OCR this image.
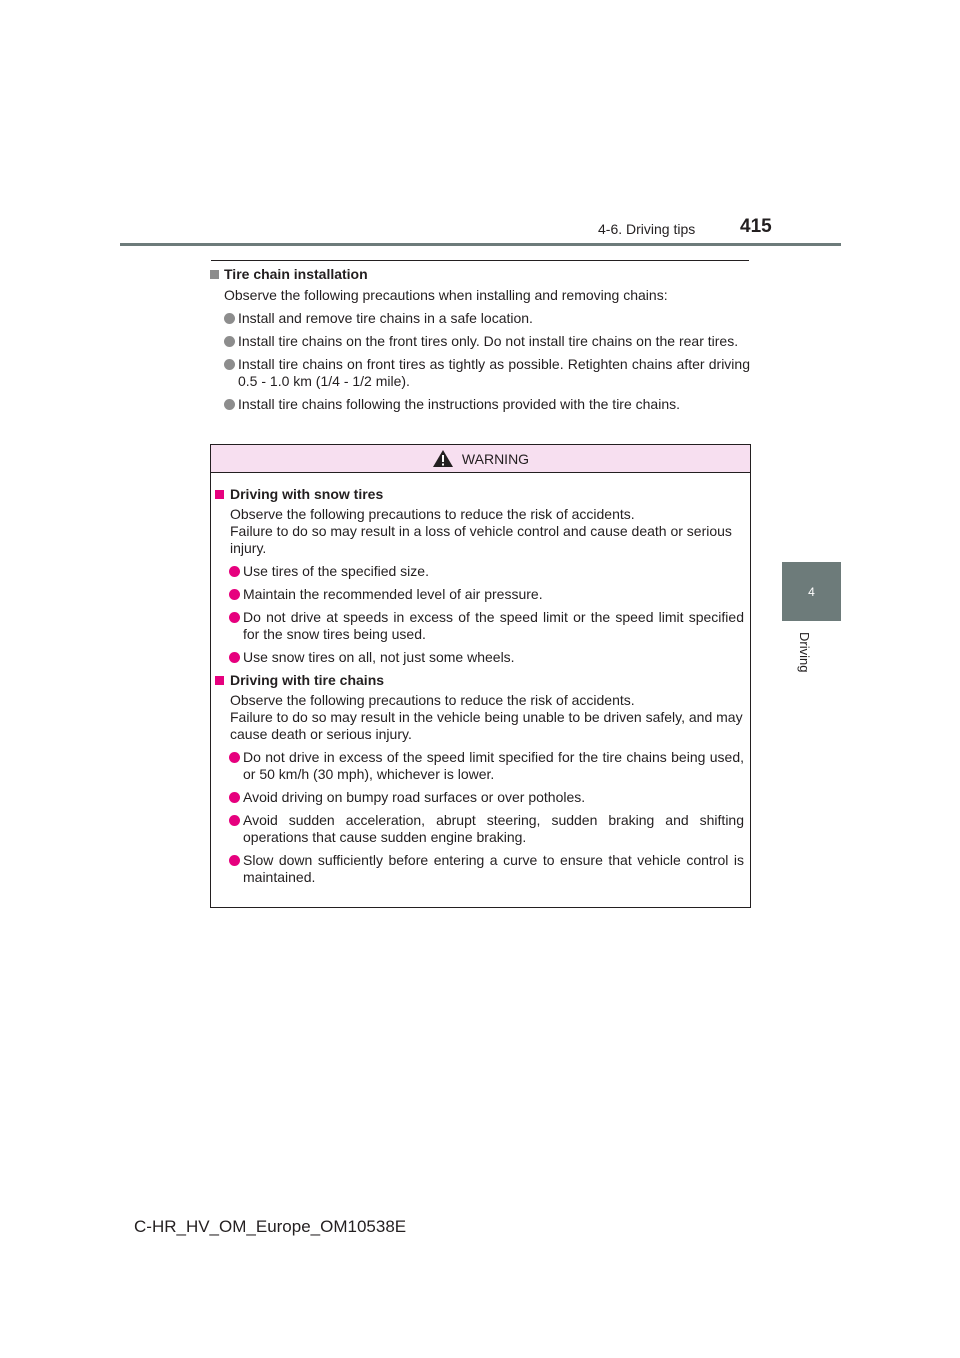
4-6. Driving tips 415
4
Driving
Tire chain installation
Observe the following precautions when installing and removing chains:
Install and remove tire chains in a safe location.
Install tire chains on the front tires only. Do not install tire chains on the rear tires.
Install tire chains on front tires as tightly as possible. Retighten chains after driving 0.5 - 1.0 km (1/4 - 1/2 mile).
Install tire chains following the instructions provided with the tire chains.
WARNING
Driving with snow tires
Observe the following precautions to reduce the risk of accidents.
Failure to do so may result in a loss of vehicle control and cause death or serious injury.
Use tires of the specified size.
Maintain the recommended level of air pressure.
Do not drive at speeds in excess of the speed limit or the speed limit specified for the snow tires being used.
Use snow tires on all, not just some wheels.
Driving with tire chains
Observe the following precautions to reduce the risk of accidents.
Failure to do so may result in the vehicle being unable to be driven safely, and may cause death or serious injury.
Do not drive in excess of the speed limit specified for the tire chains being used, or 50 km/h (30 mph), whichever is lower.
Avoid driving on bumpy road surfaces or over potholes.
Avoid sudden acceleration, abrupt steering, sudden braking and shifting operations that cause sudden engine braking.
Slow down sufficiently before entering a curve to ensure that vehicle control is maintained.
C-HR_HV_OM_Europe_OM10538E
